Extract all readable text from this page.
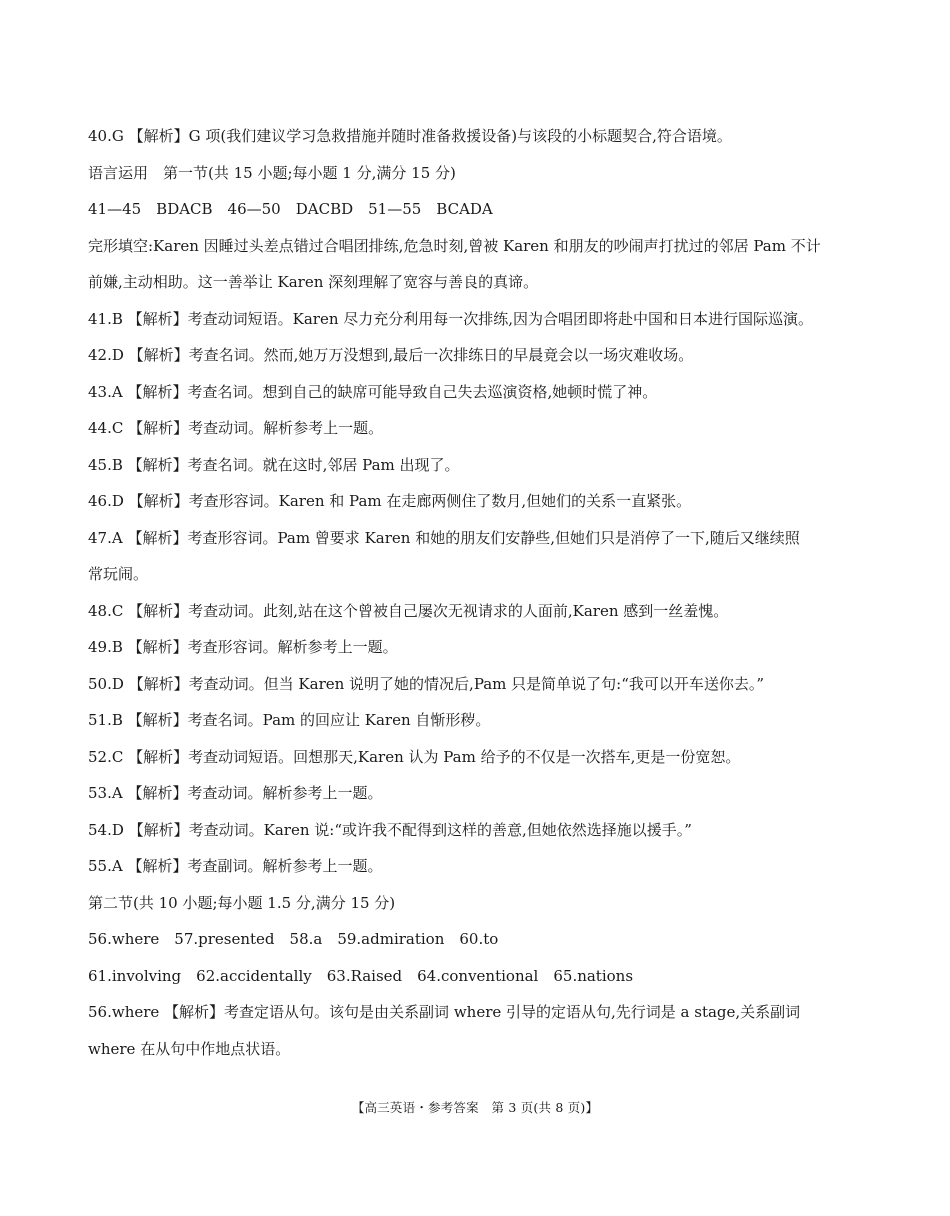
40.G 【解析】G 项(我们建议学习急救措施并随时准备救援设备)与该段的小标题契合,符合语境。
语言运用　第一节(共 15 小题;每小题 1 分,满分 15 分)
41—45　BDACB　46—50　DACBD　51—55　BCADA
完形填空:Karen 因睡过头差点错过合唱团排练,危急时刻,曾被 Karen 和朋友的吵闹声打扰过的邻居 Pam 不计
前嫌,主动相助。这一善举让 Karen 深刻理解了宽容与善良的真谛。
41.B 【解析】考查动词短语。Karen 尽力充分利用每一次排练,因为合唱团即将赴中国和日本进行国际巡演。
42.D 【解析】考查名词。然而,她万万没想到,最后一次排练日的早晨竟会以一场灾难收场。
43.A 【解析】考查名词。想到自己的缺席可能导致自己失去巡演资格,她顿时慌了神。
44.C 【解析】考查动词。解析参考上一题。
45.B 【解析】考查名词。就在这时,邻居 Pam 出现了。
46.D 【解析】考查形容词。Karen 和 Pam 在走廊两侧住了数月,但她们的关系一直紧张。
47.A 【解析】考查形容词。Pam 曾要求 Karen 和她的朋友们安静些,但她们只是消停了一下,随后又继续照
常玩闹。
48.C 【解析】考查动词。此刻,站在这个曾被自己屡次无视请求的人面前,Karen 感到一丝羞愧。
49.B 【解析】考查形容词。解析参考上一题。
50.D 【解析】考查动词。但当 Karen 说明了她的情况后,Pam 只是简单说了句:“我可以开车送你去。”
51.B 【解析】考查名词。Pam 的回应让 Karen 自惭形秽。
52.C 【解析】考查动词短语。回想那天,Karen 认为 Pam 给予的不仅是一次搭车,更是一份宽恕。
53.A 【解析】考查动词。解析参考上一题。
54.D 【解析】考查动词。Karen 说:“或许我不配得到这样的善意,但她依然选择施以援手。”
55.A 【解析】考查副词。解析参考上一题。
第二节(共 10 小题;每小题 1.5 分,满分 15 分)
56.where　57.presented　58.a　59.admiration　60.to
61.involving　62.accidentally　63.Raised　64.conventional　65.nations
56.where 【解析】考查定语从句。该句是由关系副词 where 引导的定语从句,先行词是 a stage,关系副词
where 在从句中作地点状语。
【高三英语・参考答案　第 3 页(共 8 页)】
